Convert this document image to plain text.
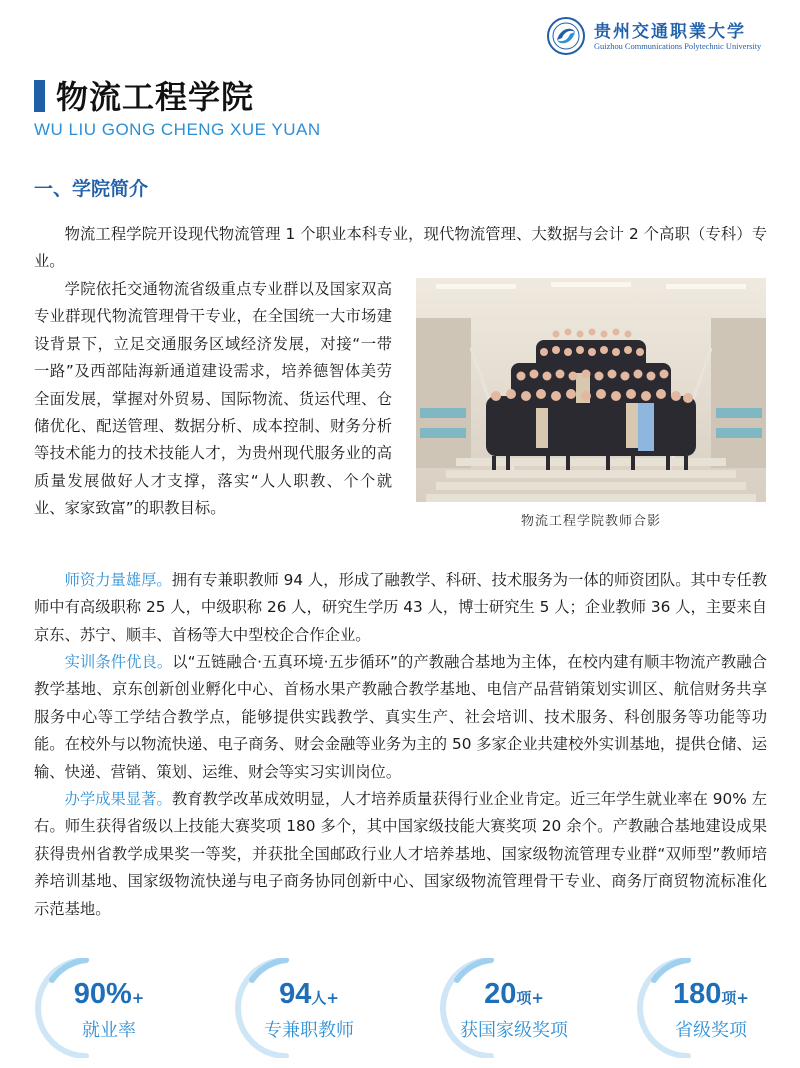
贵州交通职業大学
Guizhou Communications Polytechnic University
物流工程学院
WU LIU GONG CHENG XUE YUAN
一、学院简介

物流工程学院开设现代物流管理 1 个职业本科专业，现代物流管理、大数据与会计 2 个高职（专科）专业。

学院依托交通物流省级重点专业群以及国家双高专业群现代物流管理骨干专业，在全国统一大市场建设背景下，立足交通服务区域经济发展，对接“一带一路”及西部陆海新通道建设需求，培养德智体美劳全面发展，掌握对外贸易、国际物流、货运代理、仓储优化、配送管理、数据分析、成本控制、财务分析等技术能力的技术技能人才，为贵州现代服务业的高质量发展做好人才支撑，落实“人人职教、个个就业、家家致富”的职教目标。

物流工程学院教师合影

师资力量雄厚。拥有专兼职教师 94 人，形成了融教学、科研、技术服务为一体的师资团队。其中专任教师中有高级职称 25 人，中级职称 26 人，研究生学历 43 人，博士研究生 5 人；企业教师 36 人，主要来自京东、苏宁、顺丰、首杨等大中型校企合作企业。

实训条件优良。以“五链融合·五真环境·五步循环”的产教融合基地为主体，在校内建有顺丰物流产教融合教学基地、京东创新创业孵化中心、首杨水果产教融合教学基地、电信产品营销策划实训区、航信财务共享服务中心等工学结合教学点，能够提供实践教学、真实生产、社会培训、技术服务、科创服务等功能等功能。在校外与以物流快递、电子商务、财会金融等业务为主的 50 多家企业共建校外实训基地，提供仓储、运输、快递、营销、策划、运维、财会等实习实训岗位。

办学成果显著。教育教学改革成效明显，人才培养质量获得行业企业肯定。近三年学生就业率在 90% 左右。师生获得省级以上技能大赛奖项 180 多个，其中国家级技能大赛奖项 20 余个。产教融合基地建设成果获得贵州省教学成果奖一等奖，并获批全国邮政行业人才培养基地、国家级物流管理专业群“双师型”教师培养培训基地、国家级物流快递与电子商务协同创新中心、国家级物流管理骨干专业、商务厅商贸物流标准化示范基地。

90%+
就业率
94人+
专兼职教师
20项+
获国家级奖项
180项+
省级奖项
